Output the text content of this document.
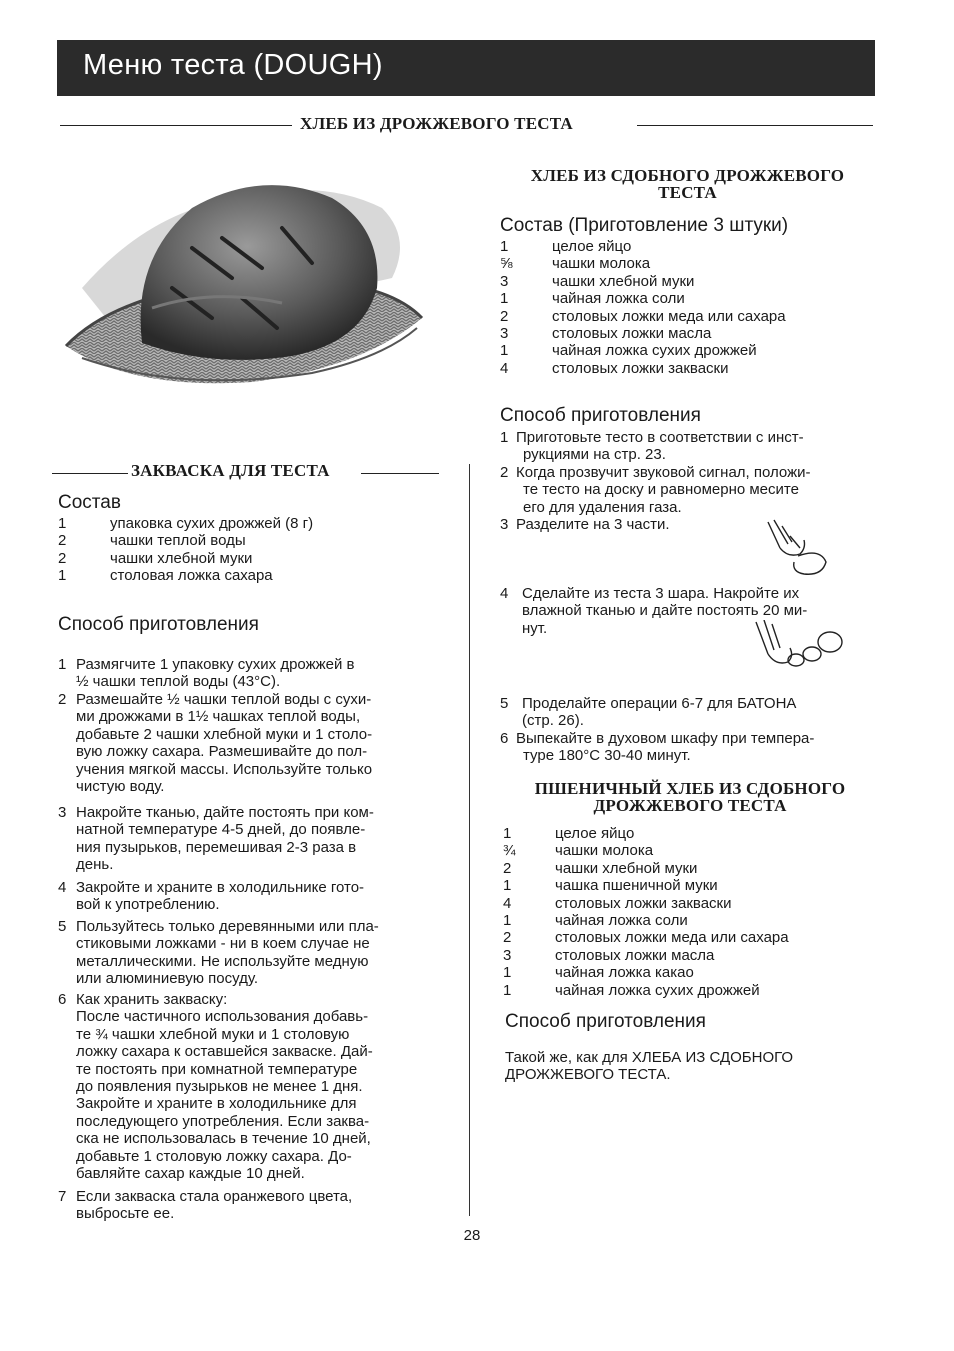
Меню теста (DOUGH)
ХЛЕБ ИЗ ДРОЖЖЕВОГО ТЕСТА
ЗАКВАСКА ДЛЯ ТЕСТА
Состав
1	упаковка сухих дрожжей (8 г)
2	чашки теплой воды
2	чашки хлебной муки
1	столовая ложка сахара
Способ приготовления
1 Размягчите 1 упаковку сухих дрожжей в
½ чашки теплой воды (43°C).
2 Размешайте ½ чашки теплой воды с сухи-
ми дрожжами в 1½ чашках теплой воды,
добавьте 2 чашки хлебной муки и 1 столо-
вую ложку сахара. Размешивайте до пол-
учения мягкой массы. Используйте только
чистую воду.
3 Накройте тканью, дайте постоять при ком-
натной температуре 4-5 дней, до появле-
ния пузырьков, перемешивая 2-3 раза в
день.
4 Закройте и храните в холодильнике гото-
вой к употреблению.
5 Пользуйтесь только деревянными или пла-
стиковыми ложками - ни в коем случае не
металлическими. Не используйте медную
или алюминиевую посуду.
6 Как хранить закваску:
После частичного использования добавь-
те ¾ чашки хлебной муки и 1 столовую
ложку сахара к оставшейся закваске. Дай-
те постоять при комнатной температуре
до появления пузырьков не менее 1 дня.
Закройте и храните в холодильнике для
последующего употребления. Если заква-
ска не использовалась в течение 10 дней,
добавьте 1 столовую ложку сахара. До-
бавляйте сахар каждые 10 дней.
7 Если закваска стала оранжевого цвета,
выбросьте ее.
ХЛЕБ ИЗ СДОБНОГО ДРОЖЖЕВОГО
ТЕСТА
Состав (Приготовление 3 штуки)
1	целое яйцо
⅝	чашки молока
3	чашки хлебной муки
1	чайная ложка соли
2	столовых ложки меда или сахара
3	столовых ложки масла
1	чайная ложка сухих дрожжей
4	столовых ложки закваски
Способ приготовления
1 Приготовьте тесто в соответствии с инст-
рукциями на стр. 23.
2 Когда прозвучит звуковой сигнал, положи-
те тесто на доску и равномерно месите
его для удаления газа.
3 Разделите на 3 части.
4 Сделайте из теста 3 шара. Накройте их
влажной тканью и дайте постоять 20 ми-
нут.
5 Проделайте операции 6-7 для БАТОНА
(стр. 26).
6 Выпекайте в духовом шкафу при темпера-
туре 180°C 30-40 минут.
ПШЕНИЧНЫЙ ХЛЕБ ИЗ СДОБНОГО
ДРОЖЖЕВОГО ТЕСТА
1	целое яйцо
¾	чашки молока
2	чашки хлебной муки
1	чашка пшеничной муки
4	столовых ложки закваски
1	чайная ложка соли
2	столовых ложки меда или сахара
3	столовых ложки масла
1	чайная ложка какао
1	чайная ложка сухих дрожжей
Способ приготовления
Такой же, как для ХЛЕБА ИЗ СДОБНОГО
ДРОЖЖЕВОГО ТЕСТА.
28
